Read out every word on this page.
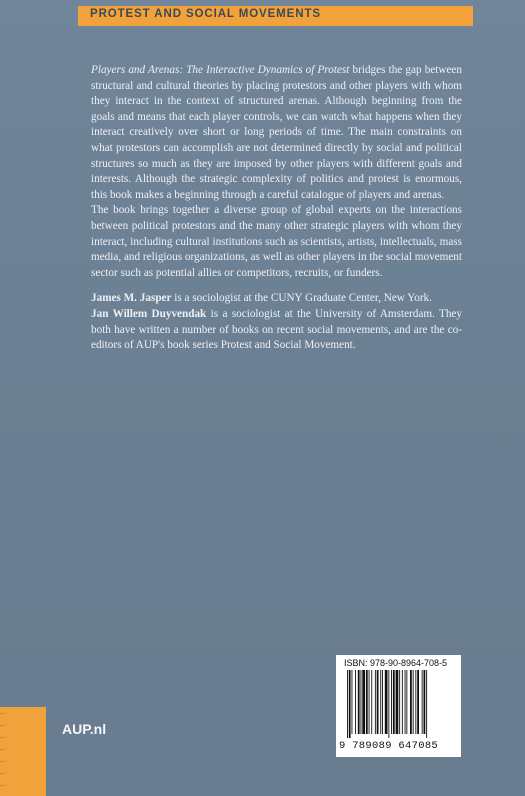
PROTEST AND SOCIAL MOVEMENTS

Players and Arenas: The Interactive Dynamics of Protest bridges the gap between structural and cultural theories by placing protestors and other players with whom they interact in the context of structured arenas. Although beginning from the goals and means that each player controls, we can watch what happens when they interact creatively over short or long periods of time. The main constraints on what protestors can accomplish are not determined directly by social and political structures so much as they are imposed by other players with different goals and interests. Although the strategic complexity of politics and protest is enormous, this book makes a beginning through a careful catalogue of players and arenas.

The book brings together a diverse group of global experts on the interactions between political protestors and the many other strategic players with whom they interact, including cultural institutions such as scientists, artists, intellectuals, mass media, and religious organizations, as well as other players in the social movement sector such as potential allies or competitors, recruits, or funders.

James M. Jasper is a sociologist at the CUNY Graduate Center, New York.
Jan Willem Duyvendak is a sociologist at the University of Amsterdam. They both have written a number of books on recent social movements, and are the co-editors of AUP's book series Protest and Social Movement.

AUP.nl
ISBN: 978-90-8964-708-5
9 789089 647085
